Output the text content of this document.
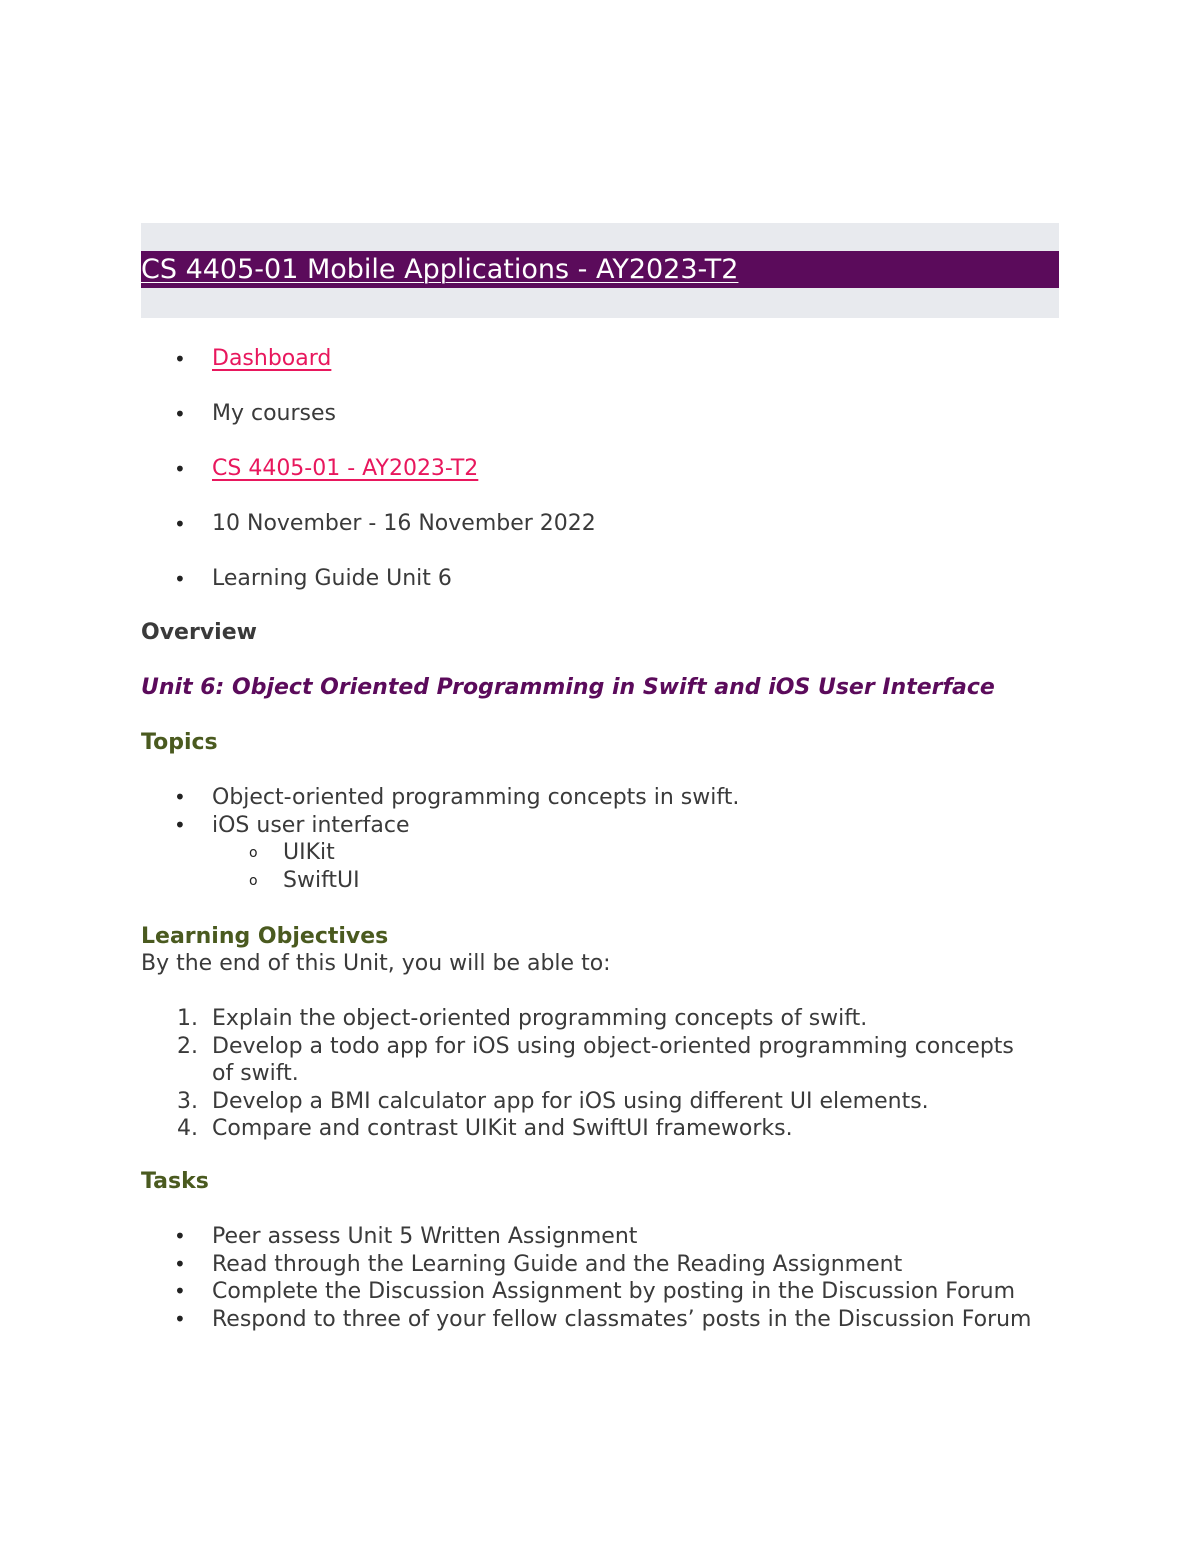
CS 4405-01 Mobile Applications - AY2023-T2
• Dashboard
• My courses
• CS 4405-01 - AY2023-T2
• 10 November - 16 November 2022
• Learning Guide Unit 6
Overview
Unit 6: Object Oriented Programming in Swift and iOS User Interface
Topics
• Object-oriented programming concepts in swift.
• iOS user interface
o UIKit
o SwiftUI
Learning Objectives
By the end of this Unit, you will be able to:
1. Explain the object-oriented programming concepts of swift.
2. Develop a todo app for iOS using object-oriented programming concepts of swift.
3. Develop a BMI calculator app for iOS using different UI elements.
4. Compare and contrast UIKit and SwiftUI frameworks.
Tasks
• Peer assess Unit 5 Written Assignment
• Read through the Learning Guide and the Reading Assignment
• Complete the Discussion Assignment by posting in the Discussion Forum
• Respond to three of your fellow classmates’ posts in the Discussion Forum
